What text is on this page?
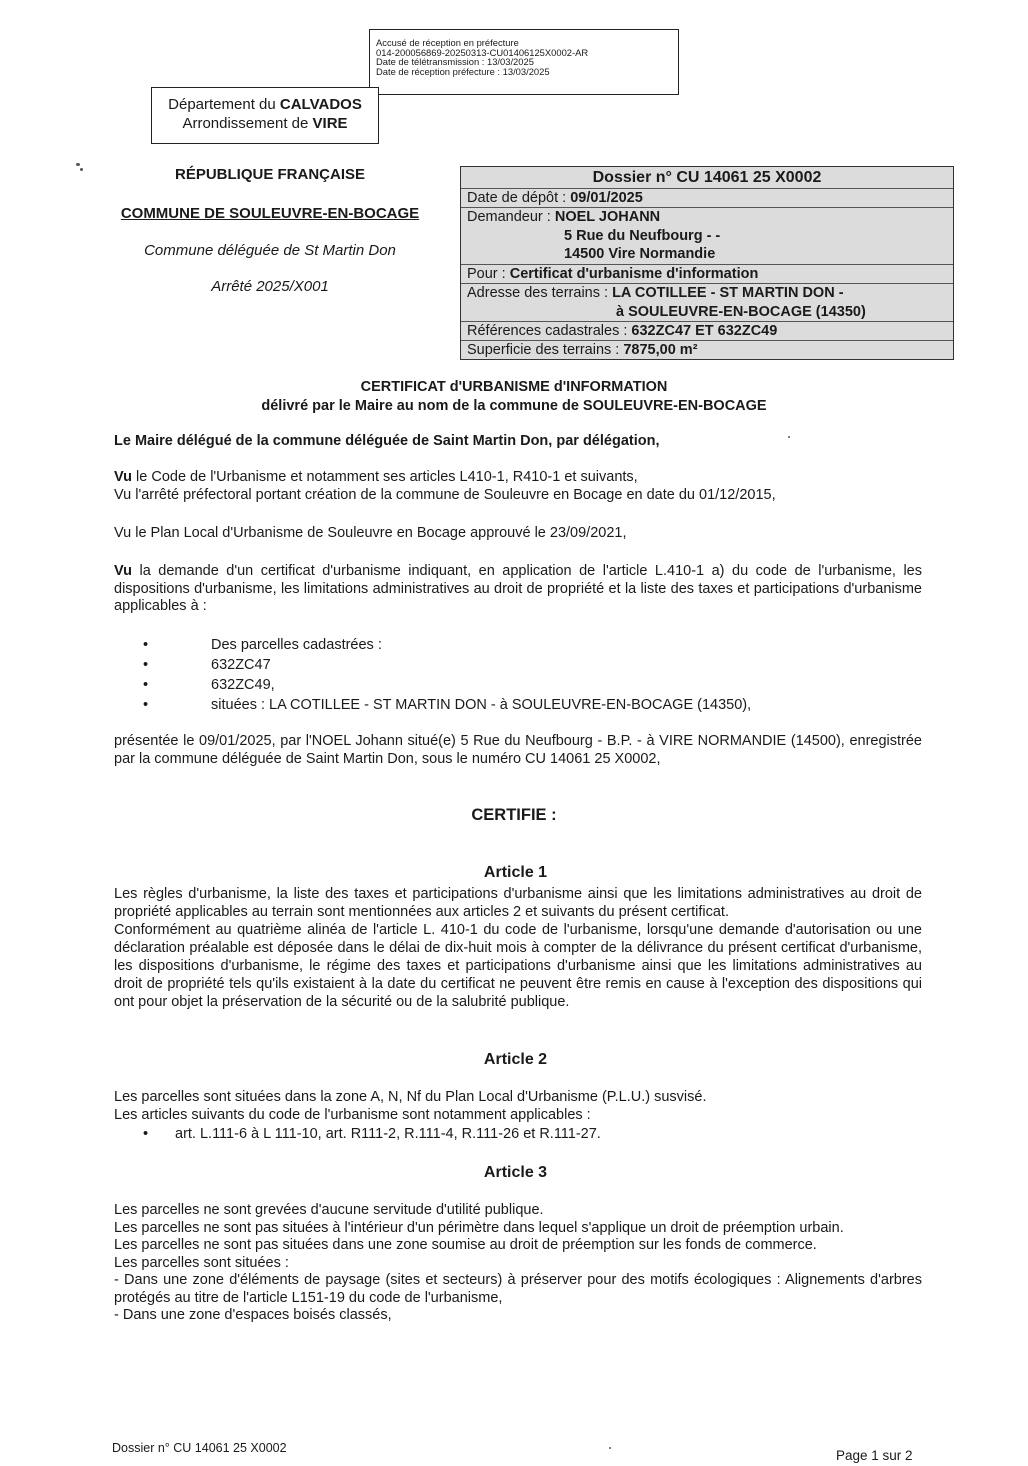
Accusé de réception en préfecture
014-200056869-20250313-CU01406125X0002-AR
Date de télétransmission : 13/03/2025
Date de réception préfecture : 13/03/2025
Département du CALVADOS
Arrondissement de VIRE
RÉPUBLIQUE FRANÇAISE
COMMUNE DE SOULEUVRE-EN-BOCAGE
Commune déléguée de St Martin Don
Arrêté 2025/X001
Dossier n° CU 14061 25 X0002
Date de dépôt : 09/01/2025
Demandeur : NOEL JOHANN
5 Rue du Neufbourg - -
14500 Vire Normandie
Pour : Certificat d'urbanisme d'information
Adresse des terrains : LA COTILLEE - ST MARTIN DON -
à SOULEUVRE-EN-BOCAGE (14350)
Références cadastrales : 632ZC47 ET 632ZC49
Superficie des terrains : 7875,00 m²
CERTIFICAT d'URBANISME d'INFORMATION
délivré par le Maire au nom de la commune de SOULEUVRE-EN-BOCAGE

Le Maire délégué de la commune déléguée de Saint Martin Don, par délégation,

Vu le Code de l'Urbanisme et notamment ses articles L410-1, R410-1 et suivants,
Vu l'arrêté préfectoral portant création de la commune de Souleuvre en Bocage en date du 01/12/2015,

Vu le Plan Local d'Urbanisme de Souleuvre en Bocage approuvé le 23/09/2021,

Vu la demande d'un certificat d'urbanisme indiquant, en application de l'article L.410-1 a) du code de l'urbanisme, les dispositions d'urbanisme, les limitations administratives au droit de propriété et la liste des taxes et participations d'urbanisme applicables à :

•	Des parcelles cadastrées :
•	632ZC47
•	632ZC49,
•	situées : LA COTILLEE - ST MARTIN DON - à SOULEUVRE-EN-BOCAGE (14350),

présentée le 09/01/2025, par l'NOEL Johann situé(e) 5 Rue du Neufbourg - B.P. - à VIRE NORMANDIE (14500), enregistrée par la commune déléguée de Saint Martin Don, sous le numéro CU 14061 25 X0002,

CERTIFIE :
Article 1
Les règles d'urbanisme, la liste des taxes et participations d'urbanisme ainsi que les limitations administratives au droit de propriété applicables au terrain sont mentionnées aux articles 2 et suivants du présent certificat.
Conformément au quatrième alinéa de l'article L. 410-1 du code de l'urbanisme, lorsqu'une demande d'autorisation ou une déclaration préalable est déposée dans le délai de dix-huit mois à compter de la délivrance du présent certificat d'urbanisme, les dispositions d'urbanisme, le régime des taxes et participations d'urbanisme ainsi que les limitations administratives au droit de propriété tels qu'ils existaient à la date du certificat ne peuvent être remis en cause à l'exception des dispositions qui ont pour objet la préservation de la sécurité ou de la salubrité publique.
Article 2
Les parcelles sont situées dans la zone A, N, Nf du Plan Local d'Urbanisme (P.L.U.) susvisé.
Les articles suivants du code de l'urbanisme sont notamment applicables :
• art. L.111-6 à L 111-10, art. R111-2, R.111-4, R.111-26 et R.111-27.
Article 3
Les parcelles ne sont grevées d'aucune servitude d'utilité publique.
Les parcelles ne sont pas situées à l'intérieur d'un périmètre dans lequel s'applique un droit de préemption urbain.
Les parcelles ne sont pas situées dans une zone soumise au droit de préemption sur les fonds de commerce.
Les parcelles sont situées :
- Dans une zone d'éléments de paysage (sites et secteurs) à préserver pour des motifs écologiques : Alignements d'arbres protégés au titre de l'article L151-19 du code de l'urbanisme,
- Dans une zone d'espaces boisés classés,
Dossier n° CU 14061 25 X0002	Page 1 sur 2
